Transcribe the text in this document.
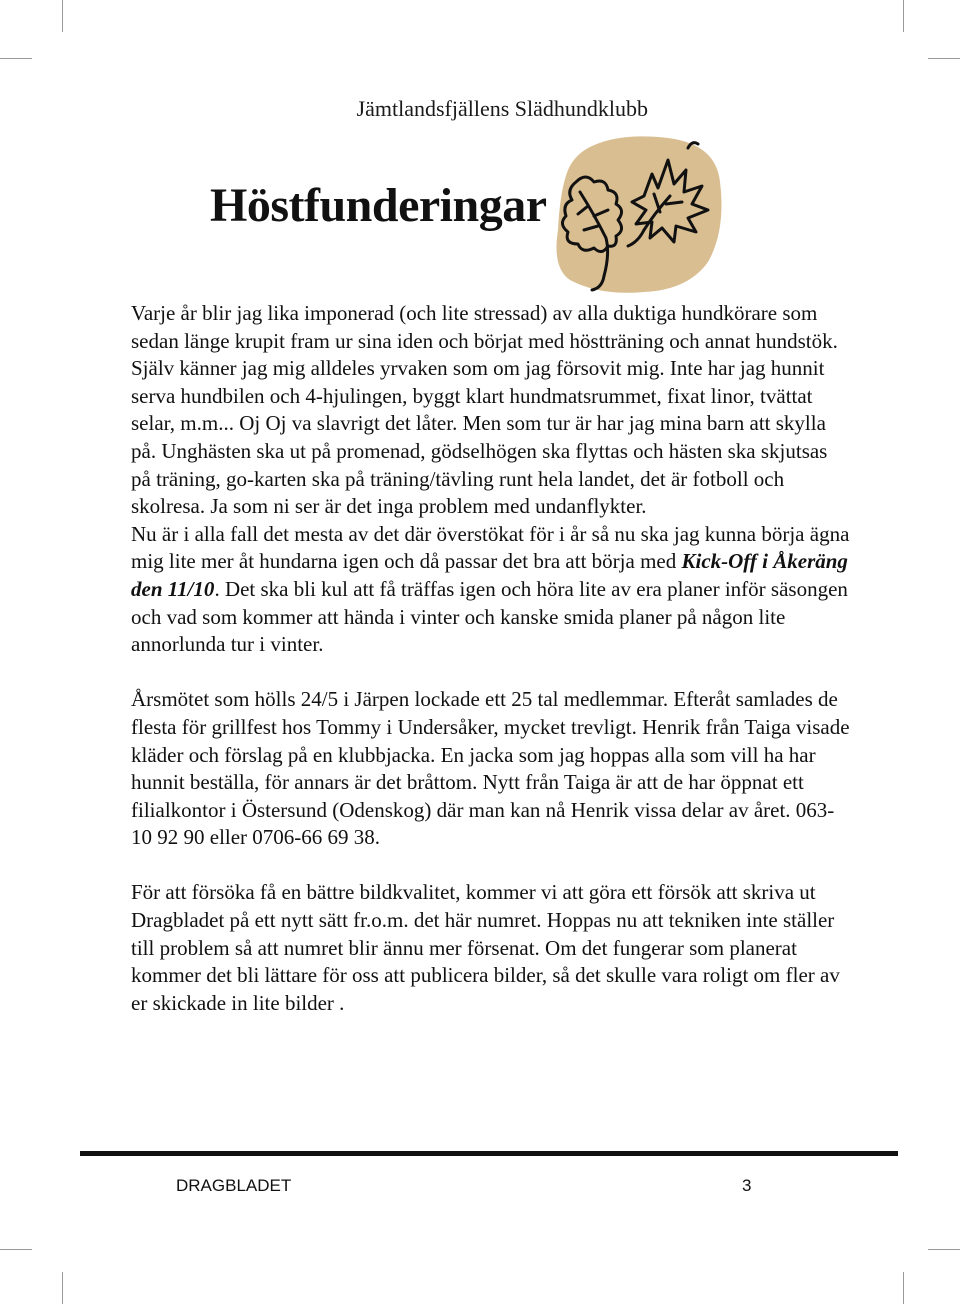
Jämtlandsfjällens Slädhundklubb
Höstfunderingar

Varje år blir jag lika imponerad (och lite stressad) av alla duktiga hundkörare som sedan länge krupit fram ur sina iden och börjat med höstträning och annat hundstök. Själv känner jag mig alldeles yrvaken som om jag försovit mig. Inte har jag hunnit serva hundbilen och 4-hjulingen, byggt klart hundmatsrummet, fixat linor, tvättat selar, m.m... Oj Oj va slavrigt det låter. Men som tur är har jag mina barn att skylla på. Unghästen ska ut på promenad, gödselhögen ska flyttas och hästen ska skjutsas på träning, go-karten ska på träning/tävling runt hela landet, det är fotboll och skolresa. Ja som ni ser är det inga problem med undanflykter.

Nu är i alla fall det mesta av det där överstökat för i år så nu ska jag kunna börja ägna mig lite mer åt hundarna igen och då passar det bra att börja med Kick-Off i Åkeräng den 11/10. Det ska bli kul att få träffas igen och höra lite av era planer inför säsongen och vad som kommer att hända i vinter och kanske smida planer på någon lite annorlunda tur i vinter.

Årsmötet som hölls 24/5 i Järpen lockade ett 25 tal medlemmar. Efteråt samlades de flesta för grillfest hos Tommy i Undersåker, mycket trevligt. Henrik från Taiga visade kläder och förslag på en klubbjacka. En jacka som jag hoppas alla som vill ha har hunnit beställa, för annars är det bråttom. Nytt från Taiga är att de har öppnat ett filialkontor i Östersund (Odenskog) där man kan nå Henrik vissa delar av året. 063-10 92 90 eller 0706-66 69 38.

För att försöka få en bättre bildkvalitet, kommer vi att göra ett försök att skriva ut Dragbladet på ett nytt sätt fr.o.m. det här numret. Hoppas nu att tekniken inte ställer till problem så att numret blir ännu mer försenat. Om det fungerar som planerat kommer det bli lättare för oss att publicera bilder, så det skulle vara roligt om fler av er skickade in lite bilder .

DRAGBLADET	3
